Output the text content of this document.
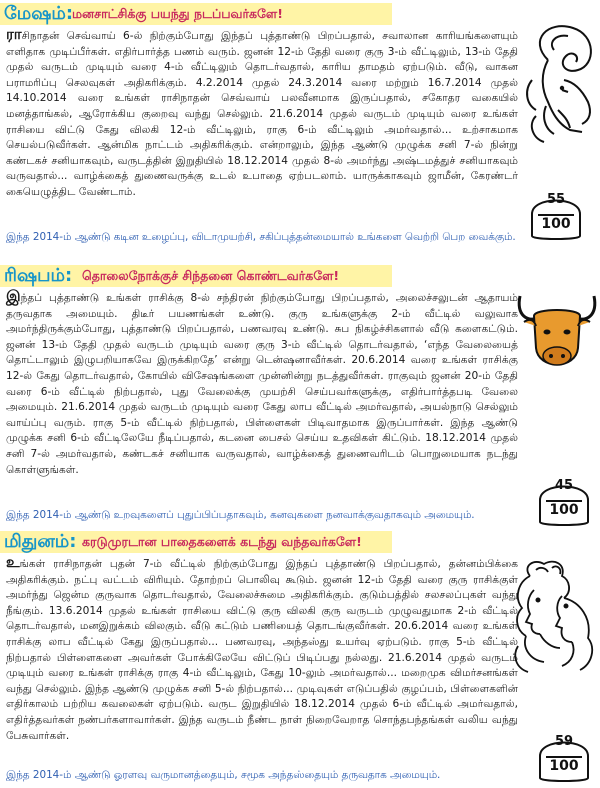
மேஷம்:
மனசாட்சிக்கு பயந்து நடப்பவர்களே!
ராசிநாதன் செவ்வாய் 6-ல் நிற்கும்போது இந்தப் புத்தாண்டு பிறப்பதால், சவாலான காரியங்களையும் எளிதாக முடிப்பீர்கள். எதிர்பார்த்த பணம் வரும். ஜனன் 12-ம் தேதி வரை குரு 3-ம் வீட்டிலும், 13-ம் தேதி முதல் வருடம் முடியும் வரை 4-ம் வீட்டிலும் தொடர்வதால், காரிய தாமதம் ஏற்படும். வீடு, வாகன பராமரிப்பு செலவுகள் அதிகரிக்கும். 4.2.2014 முதல் 24.3.2014 வரை மற்றும் 16.7.2014 முதல் 14.10.2014 வரை உங்கள் ராசிநாதன் செவ்வாய் பலவீனமாக இருப்பதால், சகோதர வகையில் மனத்தாங்கல், ஆரோக்கிய குறைவு வந்து செல்லும். 21.6.2014 முதல் வருடம் முடியும் வரை உங்கள் ராசியை விட்டு கேது விலகி 12-ம் வீட்டிலும், ராகு 6-ம் வீட்டிலும் அமர்வதால்... உற்சாகமாக செயல்படுவீர்கள். ஆன்மிக நாட்டம் அதிகரிக்கும். என்றாலும், இந்த ஆண்டு முழுக்க சனி 7-ல் நின்று கண்டகச் சனியாகவும், வருடத்தின் இறுதியில் 18.12.2014 முதல் 8-ல் அமர்ந்து அஷ்டமத்துச் சனியாகவும் வருவதால்... வாழ்க்கைத் துணைவருக்கு உடல் உபாதை ஏற்படலாம். யாருக்காகவும் ஜாமீன், கேரண்டர் கையெழுத்திட வேண்டாம்.
இந்த 2014-ம் ஆண்டு கடின உழைப்பு, விடாமுயற்சி, சகிப்புத்தன்மையால் உங்களை வெற்றி பெற வைக்கும்.
55
100
ரிஷபம்: தொலைநோக்குச் சிந்தனை கொண்டவர்களே!
இந்தப் புத்தாண்டு உங்கள் ராசிக்கு 8-ல் சந்திரன் நிற்கும்போது பிறப்பதால், அலைச்சலுடன் ஆதாயம் தருவதாக அமையும். திடீர் பயணங்கள் உண்டு. குரு உங்களுக்கு 2-ம் வீட்டில் வலுவாக அமர்ந்திருக்கும்போது, புத்தாண்டு பிறப்பதால், பணவரவு உண்டு. சுப நிகழ்ச்சிகளால் வீடு களைகட்டும். ஜனன் 13-ம் தேதி முதல் வருடம் முடியும் வரை குரு 3-ம் வீட்டில் தொடர்வதால், ‘எந்த வேலையைத் தொட்டாலும் இழுபறியாகவே இருக்கிறதே’ என்று டென்ஷனாவீர்கள். 20.6.2014 வரை உங்கள் ராசிக்கு 12-ல் கேது தொடர்வதால், கோயில் விசேஷங்களை முன்னின்று நடத்துவீர்கள். ராகுவும் ஜனன் 20-ம் தேதி வரை 6-ம் வீட்டில் நிற்பதால், புது வேலைக்கு முயற்சி செய்பவர்களுக்கு, எதிர்பார்த்தபடி வேலை அமையும். 21.6.2014 முதல் வருடம் முடியும் வரை கேது லாப வீட்டில் அமர்வதால், அயல்நாடு செல்லும் வாய்ப்பு வரும். ராகு 5-ம் வீட்டில் நிற்பதால், பிள்ளைகள் பிடிவாதமாக இருப்பார்கள். இந்த ஆண்டு முழுக்க சனி 6-ம் வீட்டிலேயே நீடிப்பதால், கடனை பைசல் செய்ய உதவிகள் கிட்டும். 18.12.2014 முதல் சனி 7-ல் அமர்வதால், கண்டகச் சனியாக வருவதால், வாழ்க்கைத் துணைவரிடம் பொறுமையாக நடந்து கொள்ளுங்கள்.
இந்த 2014-ம் ஆண்டு உறவுகளைப் புதுப்பிப்பதாகவும், கனவுகளை நனவாக்குவதாகவும் அமையும்.
45
100
மிதுனம்: கரடுமுரடான பாதைகளைக் கடந்து வந்தவர்களே!
உங்கள் ராசிநாதன் புதன் 7-ம் வீட்டில் நிற்கும்போது இந்தப் புத்தாண்டு பிறப்பதால், தன்னம்பிக்கை அதிகரிக்கும். நட்பு வட்டம் விரியும். தோற்றப் பொலிவு கூடும். ஜனன் 12-ம் தேதி வரை குரு ராசிக்குள் அமர்ந்து ஜென்ம குருவாக தொடர்வதால், வேலைச்சுமை அதிகரிக்கும். குடும்பத்தில் சலசலப்புகள் வந்து நீங்கும். 13.6.2014 முதல் உங்கள் ராசியை விட்டு குரு விலகி குரு வருடம் முழுவதுமாக 2-ம் வீட்டில் தொடர்வதால், மனஇறுக்கம் விலகும். வீடு கட்டும் பணியைத் தொடங்குவீர்கள். 20.6.2014 வரை உங்கள் ராசிக்கு லாப வீட்டில் கேது இருப்பதால்... பணவரவு, அந்தஸ்து உயர்வு ஏற்படும். ராகு 5-ம் வீட்டில் நிற்பதால் பிள்ளைகளை அவர்கள் போக்கிலேயே விட்டுப் பிடிப்பது நல்லது. 21.6.2014 முதல் வருடம் முடியும் வரை உங்கள் ராசிக்கு ராகு 4-ம் வீட்டிலும், கேது 10-லும் அமர்வதால்... மறைமுக விமர்சனங்கள் வந்து செல்லும். இந்த ஆண்டு முழுக்க சனி 5-ல் நிற்பதால்... முடிவுகள் எடுப்பதில் குழப்பம், பிள்ளைகளின் எதிர்காலம் பற்றிய கவலைகள் ஏற்படும். வருட இறுதியில் 18.12.2014 முதல் 6-ம் வீட்டில் அமர்வதால், எதிர்த்தவர்கள் நண்பர்களாவார்கள். இந்த வருடம் நீண்ட நாள் நிறைவேறாத சொந்தபந்தங்கள் வலிய வந்து பேசுவார்கள்.
இந்த 2014-ம் ஆண்டு ஓரளவு வருமானத்தையும், சமூக அந்தஸ்தையும் தருவதாக அமையும்.
59
100
